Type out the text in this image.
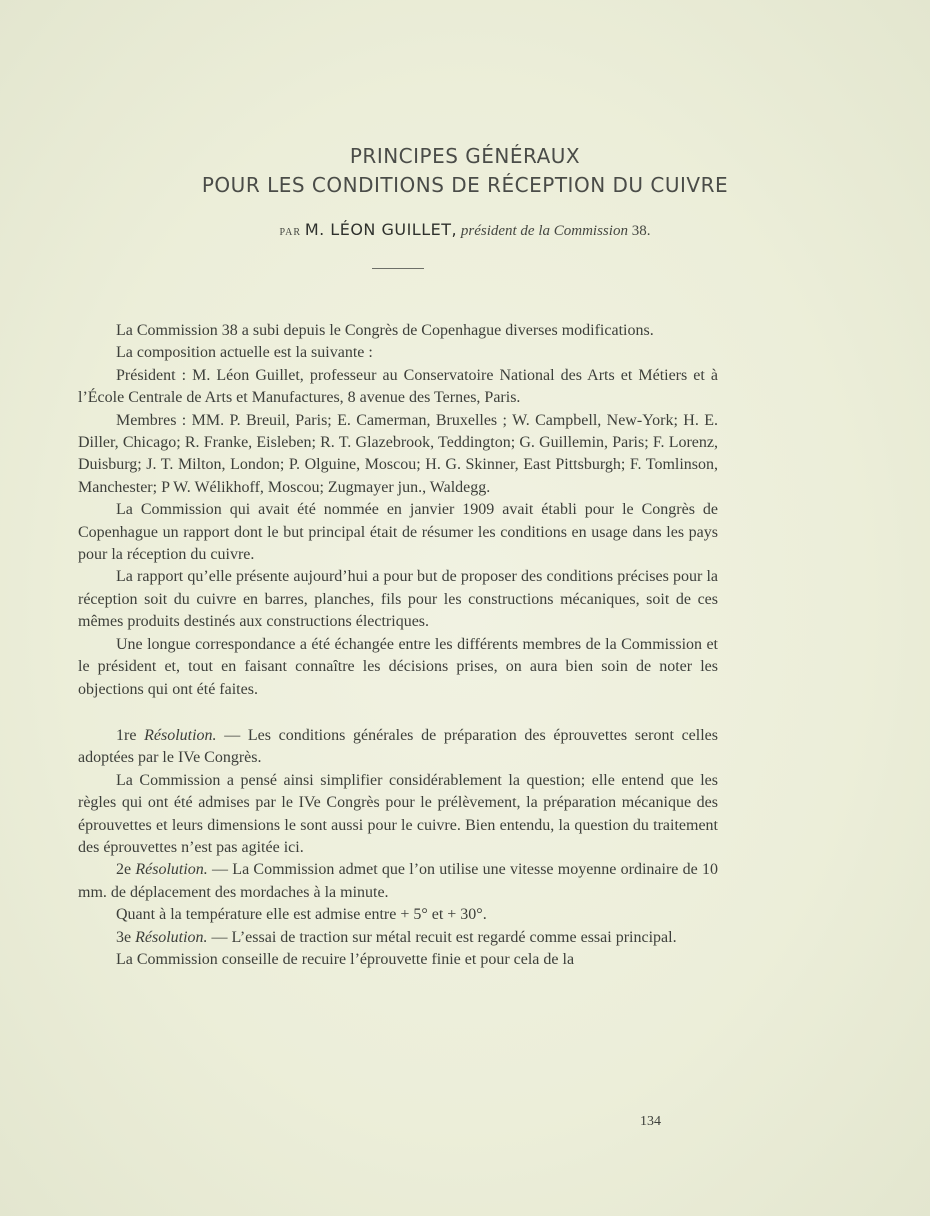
PRINCIPES GÉNÉRAUX
POUR LES CONDITIONS DE RÉCEPTION DU CUIVRE
PAR M. LÉON GUILLET, président de la Commission 38.

La Commission 38 a subi depuis le Congrès de Copenhague diverses modifications.

La composition actuelle est la suivante :

Président : M. Léon Guillet, professeur au Conservatoire National des Arts et Métiers et à l’École Centrale de Arts et Manufactures, 8 avenue des Ternes, Paris.

Membres : MM. P. Breuil, Paris; E. Camerman, Bruxelles ; W. Campbell, New-York; H. E. Diller, Chicago; R. Franke, Eisleben; R. T. Glazebrook, Teddington; G. Guillemin, Paris; F. Lorenz, Duisburg; J. T. Milton, London; P. Olguine, Moscou; H. G. Skinner, East Pittsburgh; F. Tomlinson, Manchester; P W. Wélikhoff, Moscou; Zugmayer jun., Waldegg.

La Commission qui avait été nommée en janvier 1909 avait établi pour le Congrès de Copenhague un rapport dont le but principal était de résumer les conditions en usage dans les pays pour la réception du cuivre.

La rapport qu’elle présente aujourd’hui a pour but de proposer des conditions précises pour la réception soit du cuivre en barres, planches, fils pour les constructions mécaniques, soit de ces mêmes produits destinés aux constructions électriques.

Une longue correspondance a été échangée entre les différents membres de la Commission et le président et, tout en faisant connaître les décisions prises, on aura bien soin de noter les objections qui ont été faites.

1re Résolution. — Les conditions générales de préparation des éprouvettes seront celles adoptées par le IVe Congrès.

La Commission a pensé ainsi simplifier considérablement la question; elle entend que les règles qui ont été admises par le IVe Congrès pour le prélèvement, la préparation mécanique des éprouvettes et leurs dimensions le sont aussi pour le cuivre. Bien entendu, la question du traitement des éprouvettes n’est pas agitée ici.

2e Résolution. — La Commission admet que l’on utilise une vitesse moyenne ordinaire de 10 mm. de déplacement des mordaches à la minute.

Quant à la température elle est admise entre + 5° et + 30°.

3e Résolution. — L’essai de traction sur métal recuit est regardé comme essai principal.

La Commission conseille de recuire l’éprouvette finie et pour cela de la

134
